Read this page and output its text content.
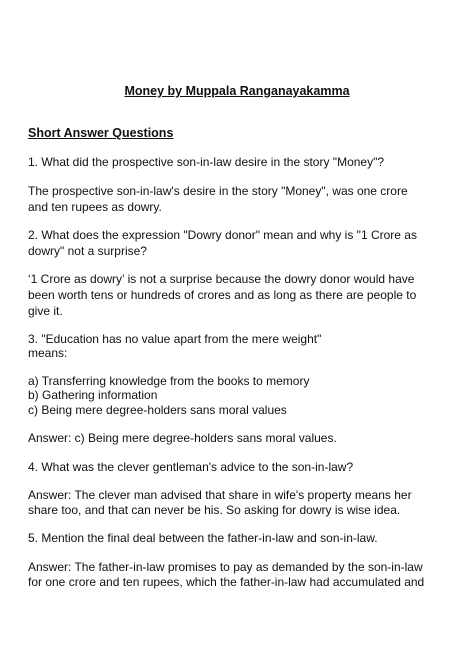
Money by Muppala Ranganayakamma
Short Answer Questions
1. What did the prospective son-in-law desire in the story "Money"?
The prospective son-in-law's desire in the story "Money", was one crore
and ten rupees as dowry.
2. What does the expression "Dowry donor" mean and why is "1 Crore as
dowry" not a surprise?
‘1 Crore as dowry’ is not a surprise because the dowry donor would have
been worth tens or hundreds of crores and as long as there are people to
give it.
3. "Education has no value apart from the mere weight"
means:
a) Transferring knowledge from the books to memory
b) Gathering information
c) Being mere degree-holders sans moral values
Answer: c) Being mere degree-holders sans moral values.
4. What was the clever gentleman's advice to the son-in-law?
Answer: The clever man advised that share in wife's property means her
share too, and that can never be his. So asking for dowry is wise idea.
5. Mention the final deal between the father-in-law and son-in-law.
Answer: The father-in-law promises to pay as demanded by the son-in-law
for one crore and ten rupees, which the father-in-law had accumulated and
